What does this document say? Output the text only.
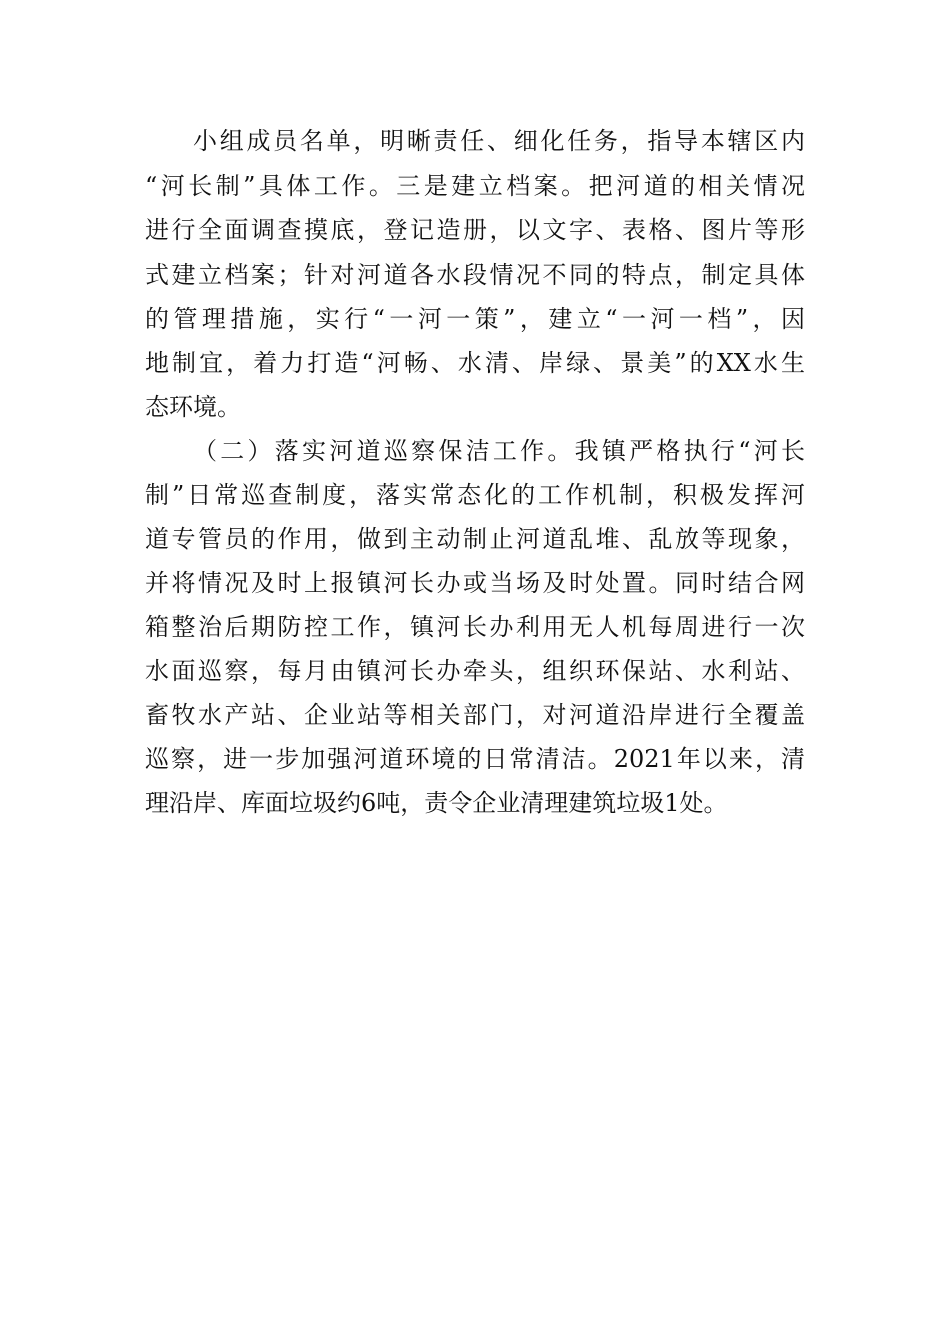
小组成员名单，明晰责任、细化任务，指导本辖区内
“河长制”具体工作。三是建立档案。把河道的相关情况
进行全面调查摸底，登记造册，以文字、表格、图片等形
式建立档案；针对河道各水段情况不同的特点，制定具体
的管理措施，实行“一河一策”，建立“一河一档”，因
地制宜，着力打造“河畅、水清、岸绿、景美”的XX水生
态环境。
（二）落实河道巡察保洁工作。我镇严格执行“河长
制”日常巡查制度，落实常态化的工作机制，积极发挥河
道专管员的作用，做到主动制止河道乱堆、乱放等现象，
并将情况及时上报镇河长办或当场及时处置。同时结合网
箱整治后期防控工作，镇河长办利用无人机每周进行一次
水面巡察，每月由镇河长办牵头，组织环保站、水利站、
畜牧水产站、企业站等相关部门，对河道沿岸进行全覆盖
巡察，进一步加强河道环境的日常清洁。2021年以来，清
理沿岸、库面垃圾约6吨，责令企业清理建筑垃圾1处。
